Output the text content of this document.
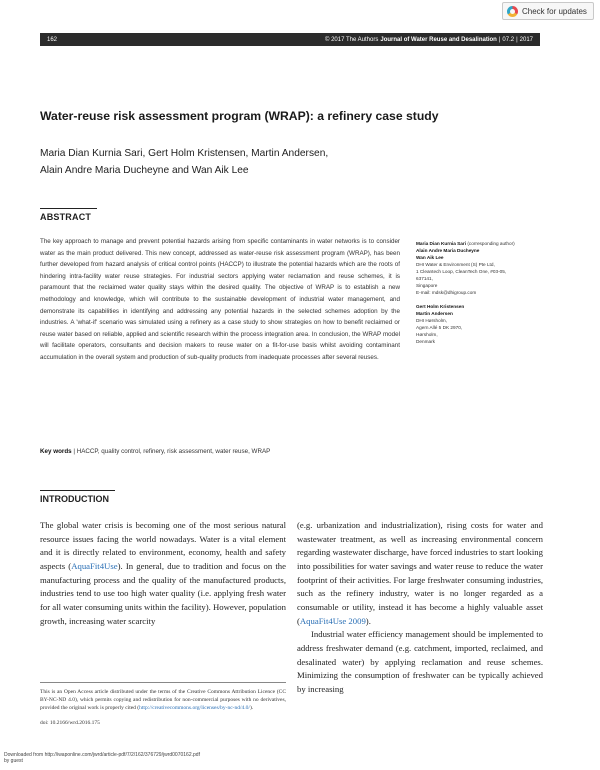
Check for updates
162	© 2017 The Authors Journal of Water Reuse and Desalination | 07.2 | 2017
Water-reuse risk assessment program (WRAP): a refinery case study
Maria Dian Kurnia Sari, Gert Holm Kristensen, Martin Andersen,
Alain Andre Maria Ducheyne and Wan Aik Lee
ABSTRACT

The key approach to manage and prevent potential hazards arising from specific contaminants in water networks is to consider water as the main product delivered. This new concept, addressed as water-reuse risk assessment program (WRAP), has been further developed from hazard analysis of critical control points (HACCP) to illustrate the potential hazards which are the roots of hindering intra-facility water reuse strategies. For industrial sectors applying water reclamation and reuse schemes, it is paramount that the reclaimed water quality stays within the desired quality. The objective of WRAP is to establish a new methodology and knowledge, which will contribute to the sustainable development of industrial water management, and demonstrate its capabilities in identifying and addressing any potential hazards in the selected schemes adoption by the industries. A 'what-if' scenario was simulated using a refinery as a case study to show strategies on how to benefit reclaimed or reuse water based on reliable, applied and scientific research within the process integration area. In conclusion, the WRAP model will facilitate operators, consultants and decision makers to reuse water on a fit-for-use basis whilst avoiding contaminant accumulation in the overall system and production of sub-quality products from inadequate processes after several reuses.

Key words | HACCP, quality control, refinery, risk assessment, water reuse, WRAP
Maria Dian Kurnia Sari (corresponding author)
Alain Andre Maria Ducheyne
Wan Aik Lee
DHI Water & Environment (S) Pte Ltd,
1 Cleantech Loop, CleanTech One, #03-05,
637141,
Singapore
E-mail: mdsk@dhigroup.com
Gert Holm Kristensen
Martin Andersen
DHI Hørsholm,
Agern Allé 5 DK 2970,
Hørsholm,
Denmark
INTRODUCTION

The global water crisis is becoming one of the most serious natural resource issues facing the world nowadays. Water is a vital element and it is directly related to environment, economy, health and safety aspects (AquaFit4Use). In general, due to tradition and focus on the manufacturing process and the quality of the manufactured products, industries tend to use too high water quality (i.e. applying fresh water for all water consuming units within the facility). However, population growth, increasing water scarcity

(e.g. urbanization and industrialization), rising costs for water and wastewater treatment, as well as increasing environmental concern regarding wastewater discharge, have forced industries to start looking into possibilities for water savings and water reuse to reduce the water footprint of their activities. For large freshwater consuming industries, such as the refinery industry, water is no longer regarded as a consumable or utility, instead it has become a highly valuable asset (AquaFit4Use 2009).

Industrial water efficiency management should be implemented to address freshwater demand (e.g. catchment, imported, reclaimed, and desalinated water) by applying reclamation and reuse schemes. Minimizing the consumption of freshwater can be typically achieved by increasing

This is an Open Access article distributed under the terms of the Creative Commons Attribution Licence (CC BY-NC-ND 4.0), which permits copying and redistribution for non-commercial purposes with no derivatives, provided the original work is properly cited (http://creativecommons.org/licenses/by-nc-nd/4.0/).

doi: 10.2166/wrd.2016.175

Downloaded from http://iwaponline.com/jwrd/article-pdf/7/2/162/376729/jwrd0070162.pdf
by guest
